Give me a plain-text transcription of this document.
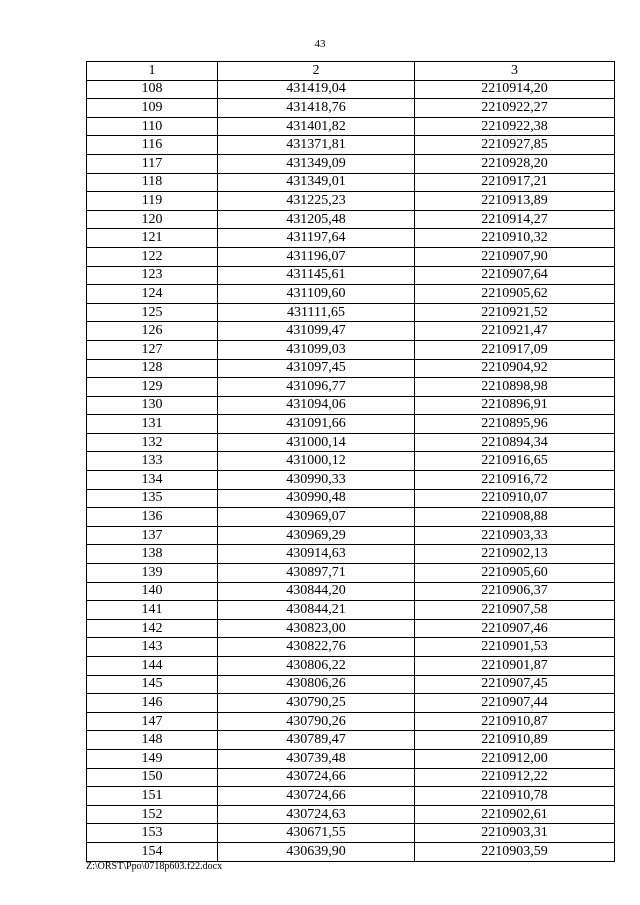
43
1	2	3
108	431419,04	2210914,20
109	431418,76	2210922,27
110	431401,82	2210922,38
116	431371,81	2210927,85
117	431349,09	2210928,20
118	431349,01	2210917,21
119	431225,23	2210913,89
120	431205,48	2210914,27
121	431197,64	2210910,32
122	431196,07	2210907,90
123	431145,61	2210907,64
124	431109,60	2210905,62
125	431111,65	2210921,52
126	431099,47	2210921,47
127	431099,03	2210917,09
128	431097,45	2210904,92
129	431096,77	2210898,98
130	431094,06	2210896,91
131	431091,66	2210895,96
132	431000,14	2210894,34
133	431000,12	2210916,65
134	430990,33	2210916,72
135	430990,48	2210910,07
136	430969,07	2210908,88
137	430969,29	2210903,33
138	430914,63	2210902,13
139	430897,71	2210905,60
140	430844,20	2210906,37
141	430844,21	2210907,58
142	430823,00	2210907,46
143	430822,76	2210901,53
144	430806,22	2210901,87
145	430806,26	2210907,45
146	430790,25	2210907,44
147	430790,26	2210910,87
148	430789,47	2210910,89
149	430739,48	2210912,00
150	430724,66	2210912,22
151	430724,66	2210910,78
152	430724,63	2210902,61
153	430671,55	2210903,31
154	430639,90	2210903,59
Z:\ORST\Ppo\0718p603.f22.docx
